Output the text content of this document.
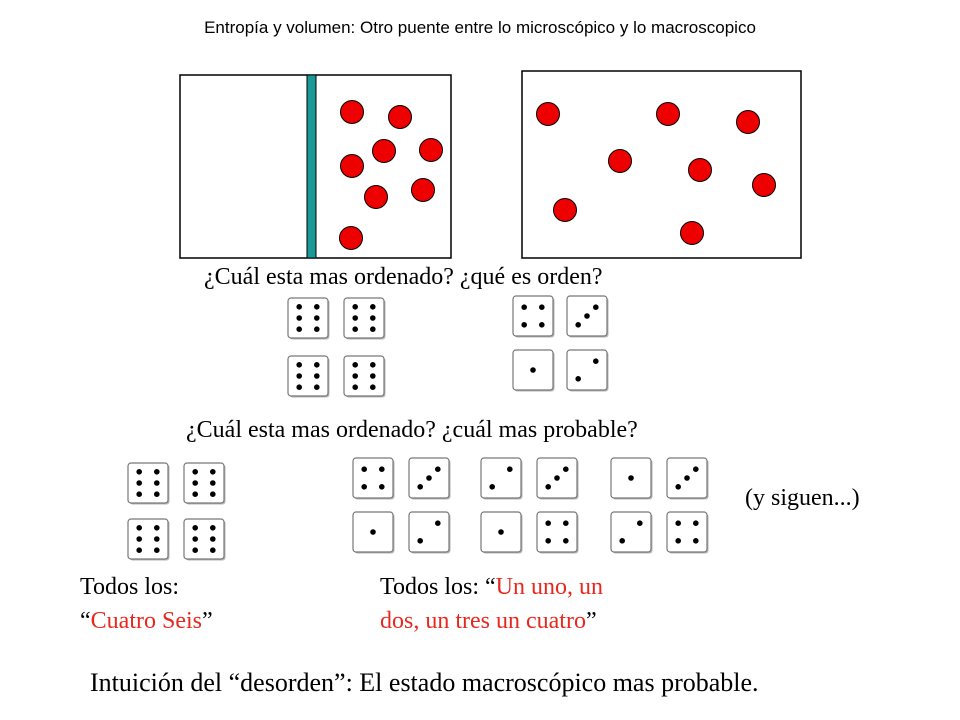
Entropía y volumen: Otro puente entre lo microscópico y lo macroscopico
¿Cuál esta mas ordenado? ¿qué es orden?
¿Cuál esta mas ordenado? ¿cuál mas probable?
(y siguen...)
Todos los:
“Cuatro Seis”
Todos los: “Un uno, un
dos, un tres un cuatro”
Intuición del “desorden”: El estado macroscópico mas probable.
